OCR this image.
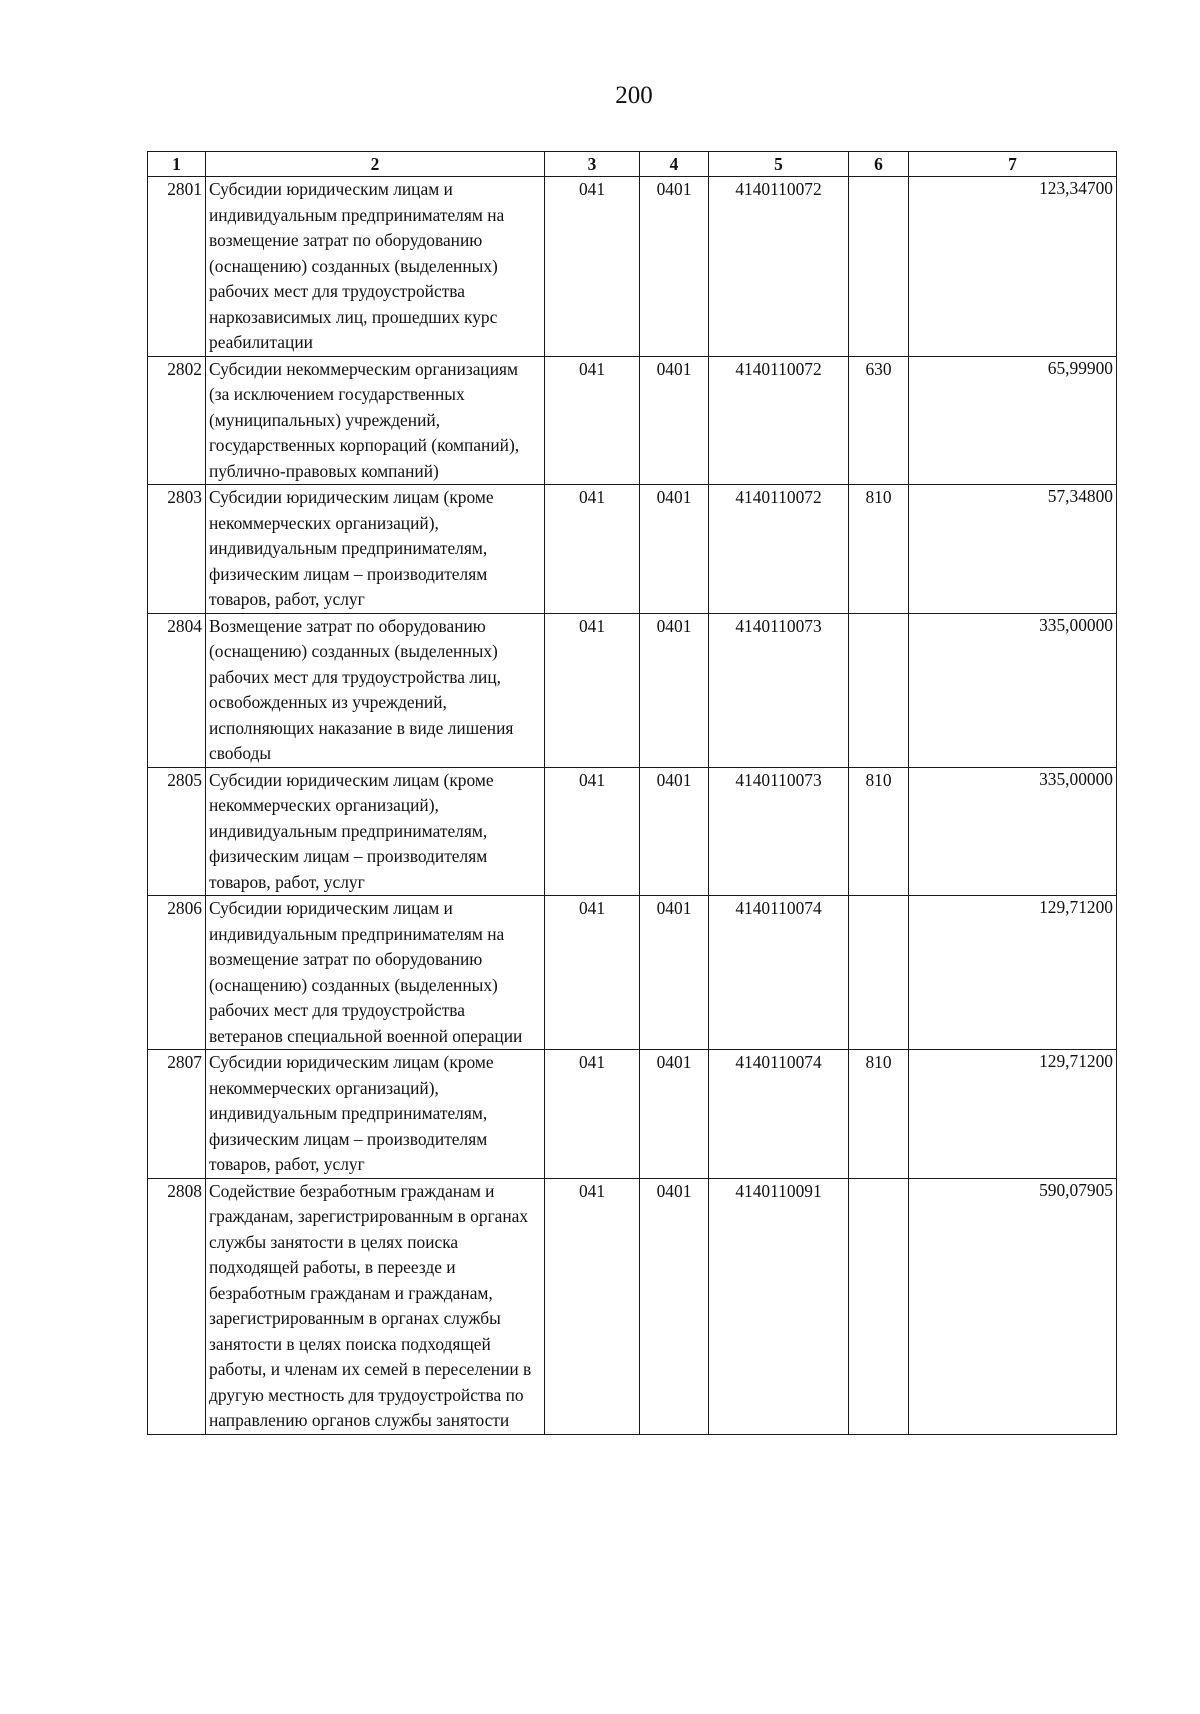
200
1	2	3	4	5	6	7
2801	Субсидии юридическим лицам и индивидуальным предпринимателям на возмещение затрат по оборудованию (оснащению) созданных (выделенных) рабочих мест для трудоустройства наркозависимых лиц, прошедших курс реабилитации	041	0401	4140110072		123,34700
2802	Субсидии некоммерческим организациям (за исключением государственных (муниципальных) учреждений, государственных корпораций (компаний), публично-правовых компаний)	041	0401	4140110072	630	65,99900
2803	Субсидии юридическим лицам (кроме некоммерческих организаций), индивидуальным предпринимателям, физическим лицам – производителям товаров, работ, услуг	041	0401	4140110072	810	57,34800
2804	Возмещение затрат по оборудованию (оснащению) созданных (выделенных) рабочих мест для трудоустройства лиц, освобожденных из учреждений, исполняющих наказание в виде лишения свободы	041	0401	4140110073		335,00000
2805	Субсидии юридическим лицам (кроме некоммерческих организаций), индивидуальным предпринимателям, физическим лицам – производителям товаров, работ, услуг	041	0401	4140110073	810	335,00000
2806	Субсидии юридическим лицам и индивидуальным предпринимателям на возмещение затрат по оборудованию (оснащению) созданных (выделенных) рабочих мест для трудоустройства ветеранов специальной военной операции	041	0401	4140110074		129,71200
2807	Субсидии юридическим лицам (кроме некоммерческих организаций), индивидуальным предпринимателям, физическим лицам – производителям товаров, работ, услуг	041	0401	4140110074	810	129,71200
2808	Содействие безработным гражданам и гражданам, зарегистрированным в органах службы занятости в целях поиска подходящей работы, в переезде и безработным гражданам и гражданам, зарегистрированным в органах службы занятости в целях поиска подходящей работы, и членам их семей в переселении в другую местность для трудоустройства по направлению органов службы занятости	041	0401	4140110091		590,07905
